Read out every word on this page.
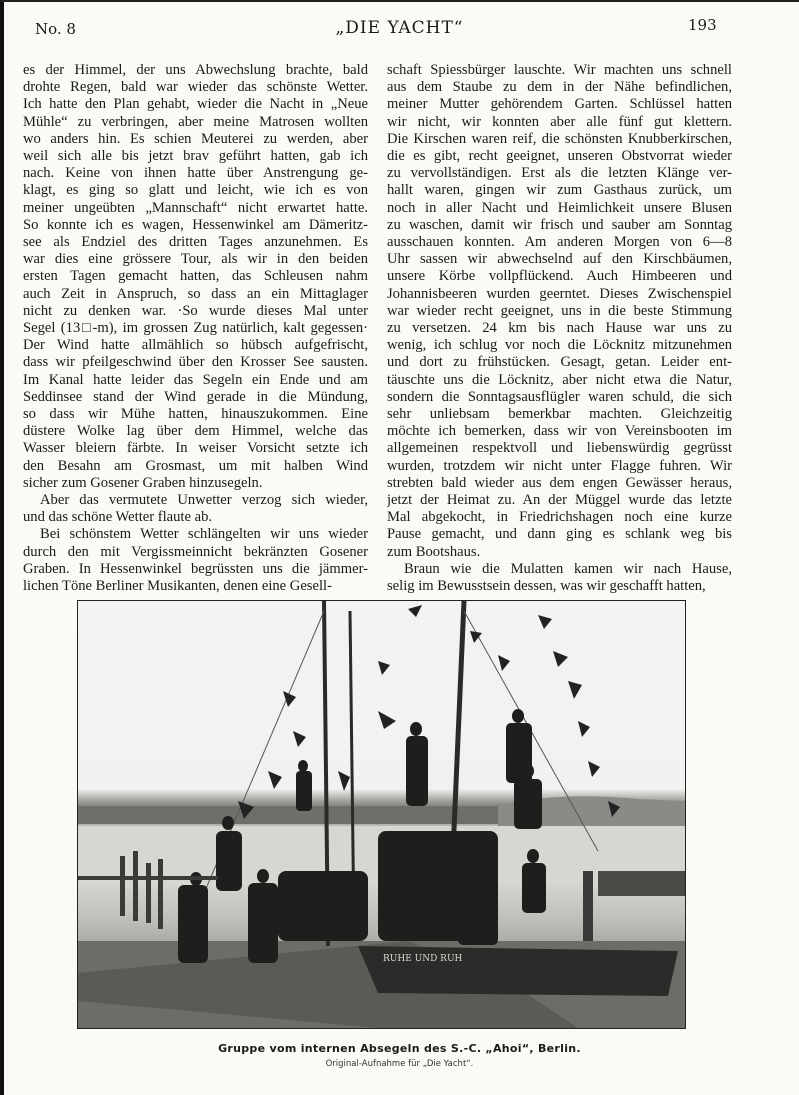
No. 8	„DIE YACHT“	193
es der Himmel, der uns Abwechslung brachte, bald
drohte Regen, bald war wieder das schönste Wetter.
Ich hatte den Plan gehabt, wieder die Nacht in „Neue
Mühle“ zu verbringen, aber meine Matrosen wollten
wo anders hin. Es schien Meuterei zu werden, aber
weil sich alle bis jetzt brav geführt hatten, gab ich
nach. Keine von ihnen hatte über Anstrengung ge-
klagt, es ging so glatt und leicht, wie ich es von
meiner ungeübten „Mannschaft“ nicht erwartet hatte.
So konnte ich es wagen, Hessenwinkel am Dämeritz-
see als Endziel des dritten Tages anzunehmen. Es
war dies eine grössere Tour, als wir in den beiden
ersten Tagen gemacht hatten, das Schleusen nahm
auch Zeit in Anspruch, so dass an ein Mittaglager
nicht zu denken war. ·So wurde dieses Mal unter
Segel (13□-m), im grossen Zug natürlich, kalt gegessen·
Der Wind hatte allmählich so hübsch aufgefrischt,
dass wir pfeilgeschwind über den Krosser See sausten.
Im Kanal hatte leider das Segeln ein Ende und am
Seddinsee stand der Wind gerade in die Mündung,
so dass wir Mühe hatten, hinauszukommen. Eine
düstere Wolke lag über dem Himmel, welche das
Wasser bleiern färbte. In weiser Vorsicht setzte ich
den Besahn am Grosmast, um mit halben Wind
sicher zum Gosener Graben hinzusegeln.
Aber das vermutete Unwetter verzog sich wieder,
und das schöne Wetter flaute ab.
Bei schönstem Wetter schlängelten wir uns wieder
durch den mit Vergissmeinnicht bekränzten Gosener
Graben. In Hessenwinkel begrüssten uns die jämmer-
lichen Töne Berliner Musikanten, denen eine Gesell-
schaft Spiessbürger lauschte. Wir machten uns schnell
aus dem Staube zu dem in der Nähe befindlichen,
meiner Mutter gehörendem Garten. Schlüssel hatten
wir nicht, wir konnten aber alle fünf gut klettern.
Die Kirschen waren reif, die schönsten Knubberkirschen,
die es gibt, recht geeignet, unseren Obstvorrat wieder
zu vervollständigen. Erst als die letzten Klänge ver-
hallt waren, gingen wir zum Gasthaus zurück, um
noch in aller Nacht und Heimlichkeit unsere Blusen
zu waschen, damit wir frisch und sauber am Sonntag
ausschauen konnten. Am anderen Morgen von 6—8
Uhr sassen wir abwechselnd auf den Kirschbäumen,
unsere Körbe vollpflückend. Auch Himbeeren und
Johannisbeeren wurden geerntet. Dieses Zwischenspiel
war wieder recht geeignet, uns in die beste Stimmung
zu versetzen. 24 km bis nach Hause war uns zu
wenig, ich schlug vor noch die Löcknitz mitzunehmen
und dort zu frühstücken. Gesagt, getan. Leider ent-
täuschte uns die Löcknitz, aber nicht etwa die Natur,
sondern die Sonntagsausflügler waren schuld, die sich
sehr unliebsam bemerkbar machten. Gleichzeitig
möchte ich bemerken, dass wir von Vereinsbooten im
allgemeinen respektvoll und liebenswürdig gegrüsst
wurden, trotzdem wir nicht unter Flagge fuhren. Wir
strebten bald wieder aus dem engen Gewässer heraus,
jetzt der Heimat zu. An der Müggel wurde das letzte
Mal abgekocht, in Friedrichshagen noch eine kurze
Pause gemacht, und dann ging es schlank weg bis
zum Bootshaus.
Braun wie die Mulatten kamen wir nach Hause,
selig im Bewusstsein dessen, was wir geschafft hatten,
RUHE UND RUH
Gruppe vom internen Absegeln des S.-C. „Ahoi“, Berlin.
Original-Aufnahme für „Die Yacht“.
